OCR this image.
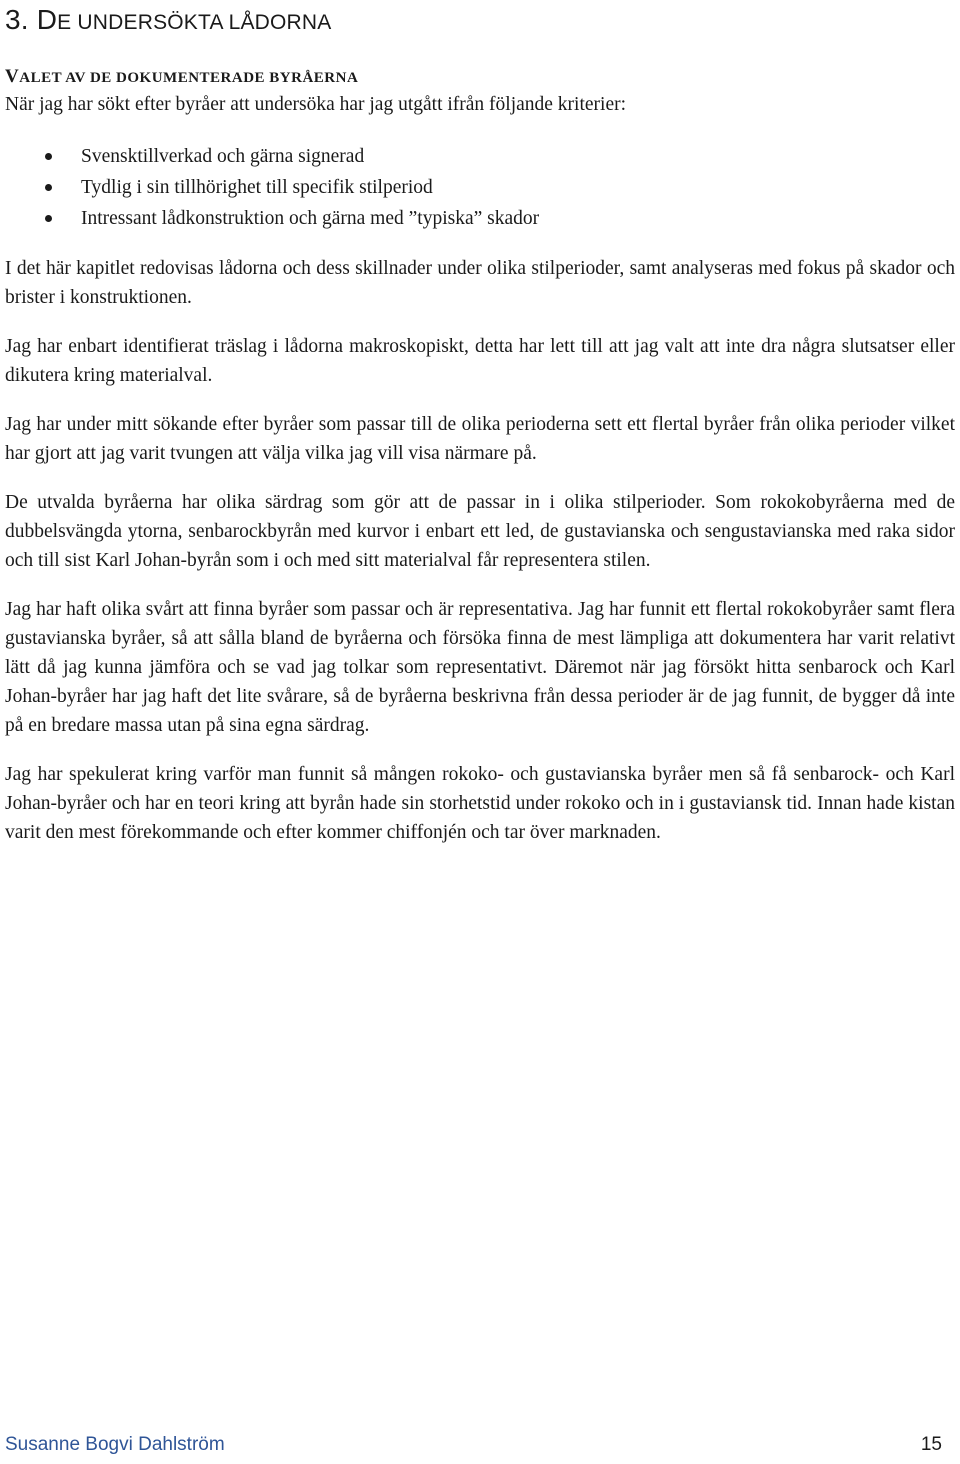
3. DE UNDERSÖKTA LÅDORNA
VALET AV DE DOKUMENTERADE BYRÅERNA

När jag har sökt efter byråer att undersöka har jag utgått ifrån följande kriterier:

Svensktillverkad och gärna signerad
Tydlig i sin tillhörighet till specifik stilperiod
Intressant lådkonstruktion och gärna med ”typiska” skador

I det här kapitlet redovisas lådorna och dess skillnader under olika stilperioder, samt analyseras med fokus på skador och brister i konstruktionen.

Jag har enbart identifierat träslag i lådorna makroskopiskt, detta har lett till att jag valt att inte dra några slutsatser eller dikutera kring materialval.

Jag har under mitt sökande efter byråer som passar till de olika perioderna sett ett flertal byråer från olika perioder vilket har gjort att jag varit tvungen att välja vilka jag vill visa närmare på.

De utvalda byråerna har olika särdrag som gör att de passar in i olika stilperioder. Som rokokobyråerna med de dubbelsvängda ytorna, senbarockbyrån med kurvor i enbart ett led, de gustavianska och sengustavianska med raka sidor och till sist Karl Johan-byrån som i och med sitt materialval får representera stilen.

Jag har haft olika svårt att finna byråer som passar och är representativa. Jag har funnit ett flertal rokokobyråer samt flera gustavianska byråer, så att sålla bland de byråerna och försöka finna de mest lämpliga att dokumentera har varit relativt lätt då jag kunna jämföra och se vad jag tolkar som representativt. Däremot när jag försökt hitta senbarock och Karl Johan-byråer har jag haft det lite svårare, så de byråerna beskrivna från dessa perioder är de jag funnit, de bygger då inte på en bredare massa utan på sina egna särdrag.

Jag har spekulerat kring varför man funnit så mången rokoko- och gustavianska byråer men så få senbarock- och Karl Johan-byråer och har en teori kring att byrån hade sin storhetstid under rokoko och in i gustaviansk tid. Innan hade kistan varit den mest förekommande och efter kommer chiffonjén och tar över marknaden.

Susanne Bogvi Dahlström	15
